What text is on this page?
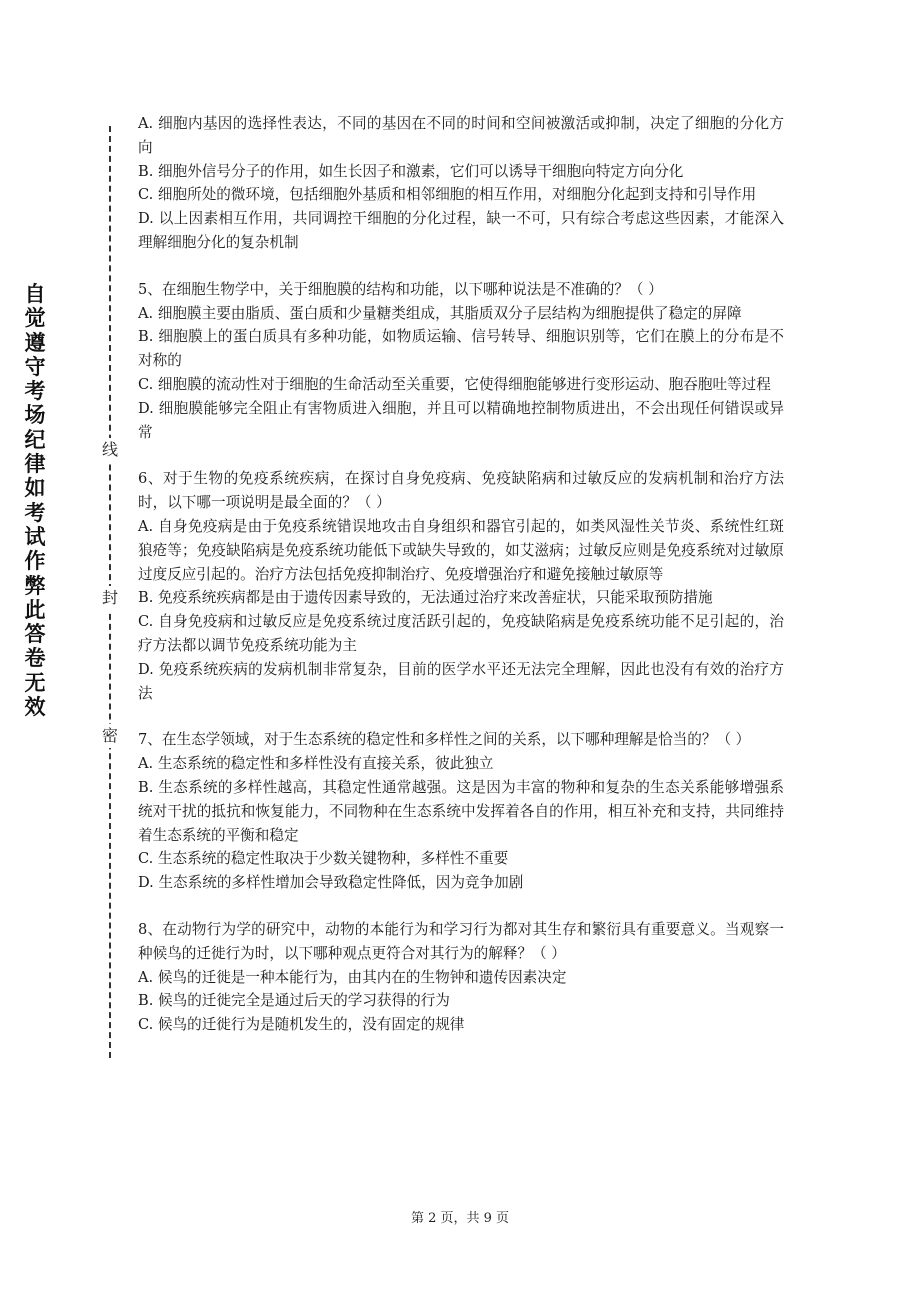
自觉遵守考场纪律如考试作弊此答卷无效
线
封
密

A. 细胞内基因的选择性表达，不同的基因在不同的时间和空间被激活或抑制，决定了细胞的分化方向

B. 细胞外信号分子的作用，如生长因子和激素，它们可以诱导干细胞向特定方向分化

C. 细胞所处的微环境，包括细胞外基质和相邻细胞的相互作用，对细胞分化起到支持和引导作用

D. 以上因素相互作用，共同调控干细胞的分化过程，缺一不可，只有综合考虑这些因素，才能深入理解细胞分化的复杂机制

5、在细胞生物学中，关于细胞膜的结构和功能，以下哪种说法是不准确的？（ ）

A. 细胞膜主要由脂质、蛋白质和少量糖类组成，其脂质双分子层结构为细胞提供了稳定的屏障

B. 细胞膜上的蛋白质具有多种功能，如物质运输、信号转导、细胞识别等，它们在膜上的分布是不对称的

C. 细胞膜的流动性对于细胞的生命活动至关重要，它使得细胞能够进行变形运动、胞吞胞吐等过程

D. 细胞膜能够完全阻止有害物质进入细胞，并且可以精确地控制物质进出，不会出现任何错误或异常

6、对于生物的免疫系统疾病，在探讨自身免疫病、免疫缺陷病和过敏反应的发病机制和治疗方法时，以下哪一项说明是最全面的？（ ）

A. 自身免疫病是由于免疫系统错误地攻击自身组织和器官引起的，如类风湿性关节炎、系统性红斑狼疮等；免疫缺陷病是免疫系统功能低下或缺失导致的，如艾滋病；过敏反应则是免疫系统对过敏原过度反应引起的。治疗方法包括免疫抑制治疗、免疫增强治疗和避免接触过敏原等

B. 免疫系统疾病都是由于遗传因素导致的，无法通过治疗来改善症状，只能采取预防措施

C. 自身免疫病和过敏反应是免疫系统过度活跃引起的，免疫缺陷病是免疫系统功能不足引起的，治疗方法都以调节免疫系统功能为主

D. 免疫系统疾病的发病机制非常复杂，目前的医学水平还无法完全理解，因此也没有有效的治疗方法

7、在生态学领域，对于生态系统的稳定性和多样性之间的关系，以下哪种理解是恰当的？（ ）

A. 生态系统的稳定性和多样性没有直接关系，彼此独立

B. 生态系统的多样性越高，其稳定性通常越强。这是因为丰富的物种和复杂的生态关系能够增强系统对干扰的抵抗和恢复能力，不同物种在生态系统中发挥着各自的作用，相互补充和支持，共同维持着生态系统的平衡和稳定

C. 生态系统的稳定性取决于少数关键物种，多样性不重要

D. 生态系统的多样性增加会导致稳定性降低，因为竞争加剧

8、在动物行为学的研究中，动物的本能行为和学习行为都对其生存和繁衍具有重要意义。当观察一种候鸟的迁徙行为时，以下哪种观点更符合对其行为的解释？（ ）

A. 候鸟的迁徙是一种本能行为，由其内在的生物钟和遗传因素决定

B. 候鸟的迁徙完全是通过后天的学习获得的行为

C. 候鸟的迁徙行为是随机发生的，没有固定的规律

第 2 页，共 9 页
